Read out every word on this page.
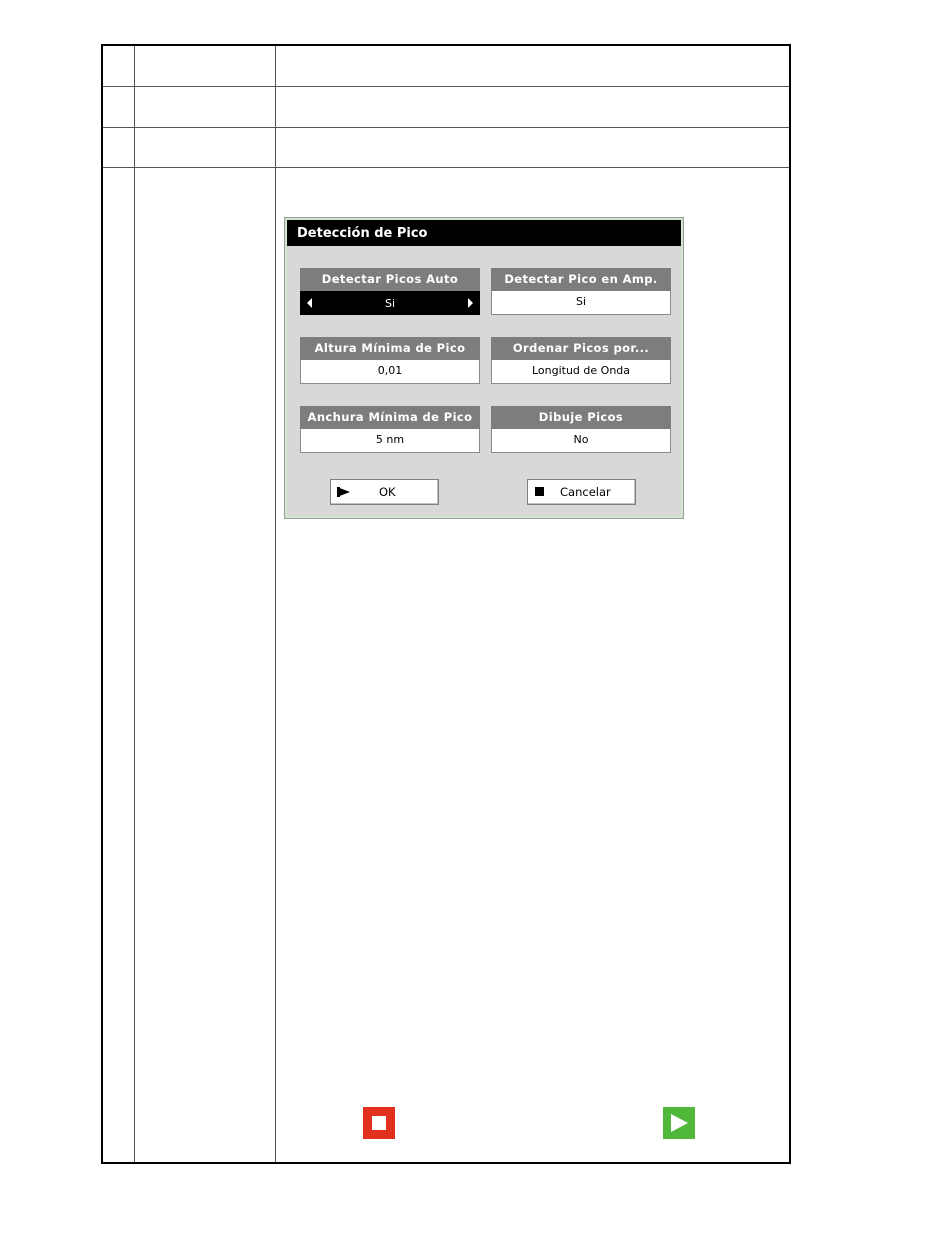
Detección de Pico
Detectar Picos Auto
Si
Detectar Pico en Amp.
Si
Altura Mínima de Pico
0,01
Ordenar Picos por...
Longitud de Onda
Anchura Mínima de Pico
5 nm
Dibuje Picos
No
OK	Cancelar
